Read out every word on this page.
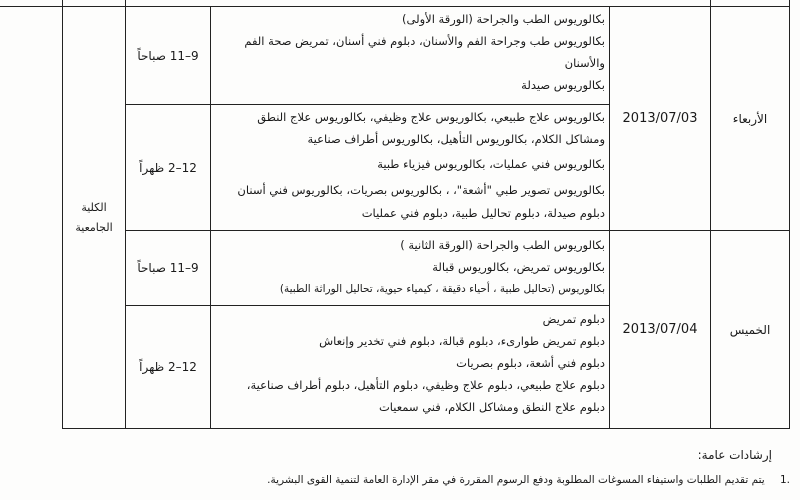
الكلية
الجامعية
الأربعاء
2013/07/03
9–11 صباحاً
12–2 ظهراً
بكالوريوس الطب والجراحة (الورقة الأولى)
بكالوريوس طب وجراحة الفم والأسنان، دبلوم فني أسنان، تمريض صحة الفم
والأسنان
بكالوريوس صيدلة
بكالوريوس علاج طبيعي، بكالوريوس علاج وظيفي، بكالوريوس علاج النطق
ومشاكل الكلام، بكالوريوس التأهيل، بكالوريوس أطراف صناعية
بكالوريوس فني عمليات، بكالوريوس فيزياء طبية
بكالوريوس تصوير طبي "أشعة"، ، بكالوريوس بصريات، بكالوريوس فني أسنان
دبلوم صيدلة، دبلوم تحاليل طبية، دبلوم فني عمليات
الخميس
2013/07/04
9–11 صباحاً
12–2 ظهراً
بكالوريوس الطب والجراحة (الورقة الثانية )
بكالوريوس تمريض، بكالوريوس قبالة
بكالوريوس (تحاليل طبية ، أحياء دقيقة ، كيمياء حيوية، تحاليل الوراثة الطبية)
دبلوم تمريض
دبلوم تمريض طوارىء، دبلوم قبالة، دبلوم فني تخدير وإنعاش
دبلوم فني أشعة، دبلوم بصريات
دبلوم علاج طبيعي، دبلوم علاج وظيفي، دبلوم التأهيل، دبلوم أطراف صناعية،
دبلوم علاج النطق ومشاكل الكلام، فني سمعيات
إرشادات عامة:
.1 يتم تقديم الطلبات واستيفاء المسوغات المطلوبة ودفع الرسوم المقررة في مقر الإدارة العامة لتنمية القوى البشرية.
